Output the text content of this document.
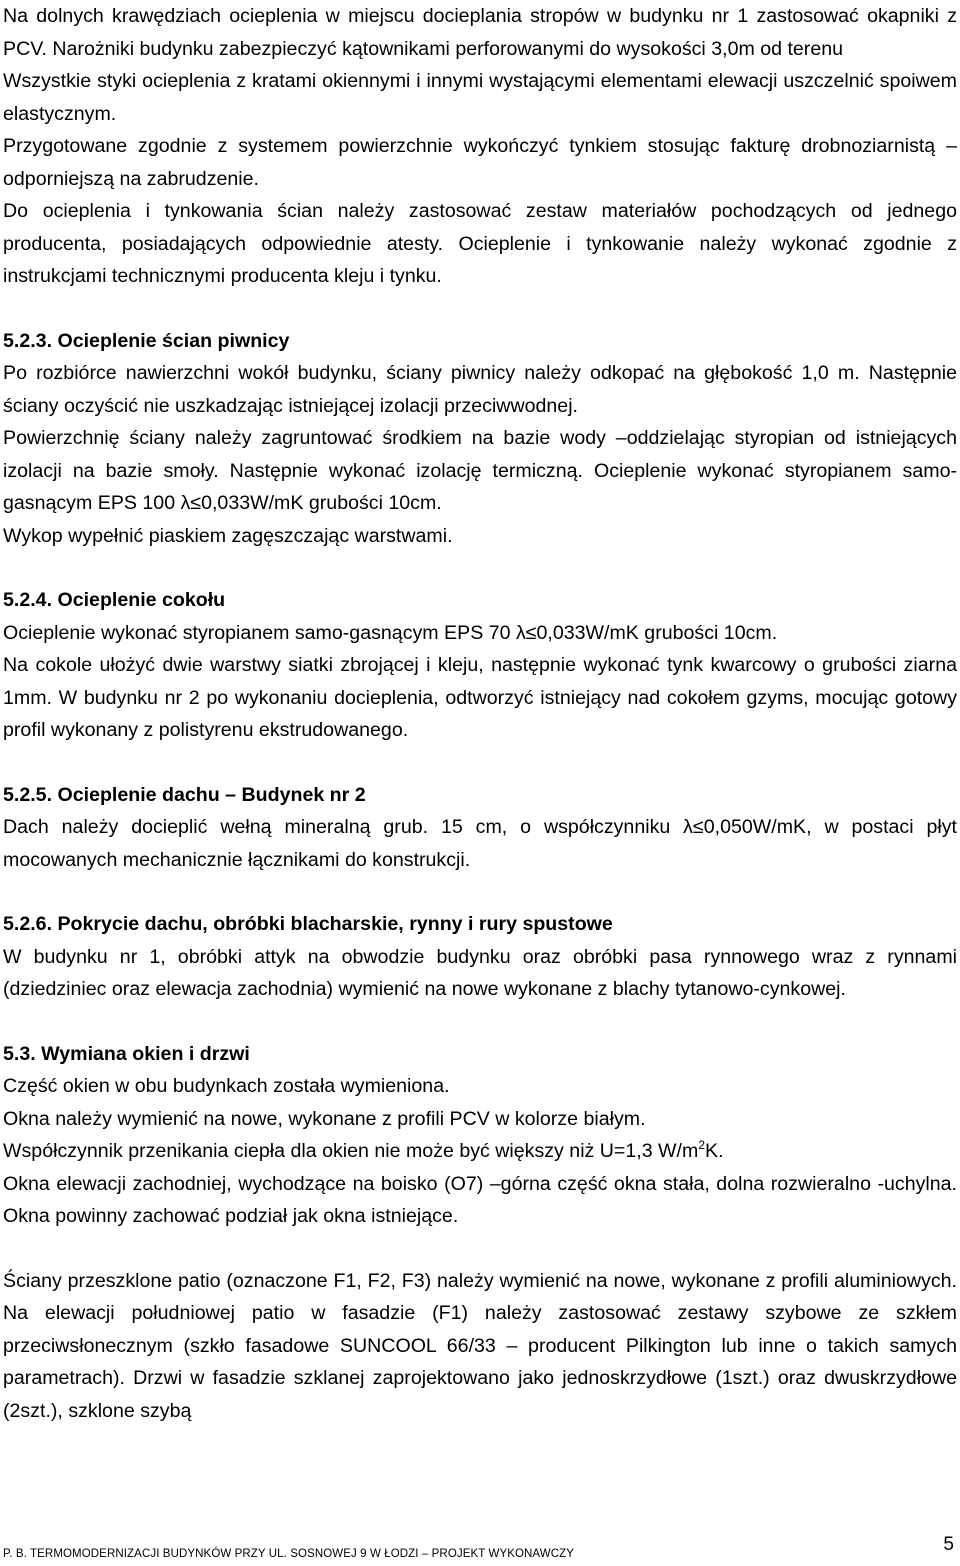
Na dolnych krawędziach ocieplenia w miejscu docieplania stropów w budynku nr 1 zastosować okapniki z PCV. Narożniki budynku zabezpieczyć kątownikami perforowanymi do wysokości 3,0m od terenu

Wszystkie styki ocieplenia z kratami okiennymi i innymi wystającymi elementami elewacji uszczelnić spoiwem elastycznym.

Przygotowane zgodnie z systemem powierzchnie wykończyć tynkiem stosując fakturę drobnoziarnistą –odporniejszą na zabrudzenie.

Do ocieplenia i tynkowania ścian należy zastosować zestaw materiałów pochodzących od jednego producenta, posiadających odpowiednie atesty. Ocieplenie i tynkowanie należy wykonać zgodnie z instrukcjami technicznymi producenta kleju i tynku.

5.2.3. Ocieplenie ścian piwnicy

Po rozbiórce nawierzchni wokół budynku, ściany piwnicy należy odkopać na głębokość 1,0 m. Następnie ściany oczyścić nie uszkadzając istniejącej izolacji przeciwwodnej.

Powierzchnię ściany należy zagruntować środkiem na bazie wody –oddzielając styropian od istniejących izolacji na bazie smoły. Następnie wykonać izolację termiczną. Ocieplenie wykonać styropianem samo-gasnącym EPS 100 λ≤0,033W/mK grubości 10cm.

Wykop wypełnić piaskiem zagęszczając warstwami.

5.2.4. Ocieplenie cokołu

Ocieplenie wykonać styropianem samo-gasnącym EPS 70 λ≤0,033W/mK grubości 10cm.

Na cokole ułożyć dwie warstwy siatki zbrojącej i kleju, następnie wykonać tynk kwarcowy o grubości ziarna 1mm. W budynku nr 2 po wykonaniu docieplenia, odtworzyć istniejący nad cokołem gzyms, mocując gotowy profil wykonany z polistyrenu ekstrudowanego.

5.2.5. Ocieplenie dachu – Budynek nr 2

Dach należy docieplić wełną mineralną grub. 15 cm, o współczynniku λ≤0,050W/mK, w postaci płyt mocowanych mechanicznie łącznikami do konstrukcji.

5.2.6. Pokrycie dachu, obróbki blacharskie, rynny i rury spustowe

W budynku nr 1, obróbki attyk na obwodzie budynku oraz obróbki pasa rynnowego wraz z rynnami (dziedziniec oraz elewacja zachodnia) wymienić na nowe wykonane z blachy tytanowo-cynkowej.

5.3. Wymiana okien i drzwi

Część okien w obu budynkach została wymieniona.

Okna należy wymienić na nowe, wykonane z profili PCV w kolorze białym.

Współczynnik przenikania ciepła dla okien nie może być większy niż U=1,3 $W/m^2K$.

Okna elewacji zachodniej, wychodzące na boisko (O7) –górna część okna stała, dolna rozwieralno -uchylna. Okna powinny zachować podział jak okna istniejące.

Ściany przeszklone patio (oznaczone F1, F2, F3) należy wymienić na nowe, wykonane z profili aluminiowych. Na elewacji południowej patio w fasadzie (F1) należy zastosować zestawy szybowe ze szkłem przeciwsłonecznym (szkło fasadowe SUNCOOL 66/33 – producent Pilkington lub inne o takich samych parametrach). Drzwi w fasadzie szklanej zaprojektowano jako jednoskrzydłowe (1szt.) oraz dwuskrzydłowe (2szt.), szklone szybą

P. B. TERMOMODERNIZACJI BUDYNKÓW PRZY UL. SOSNOWEJ 9 W ŁODZI – PROJEKT WYKONAWCZY	5
